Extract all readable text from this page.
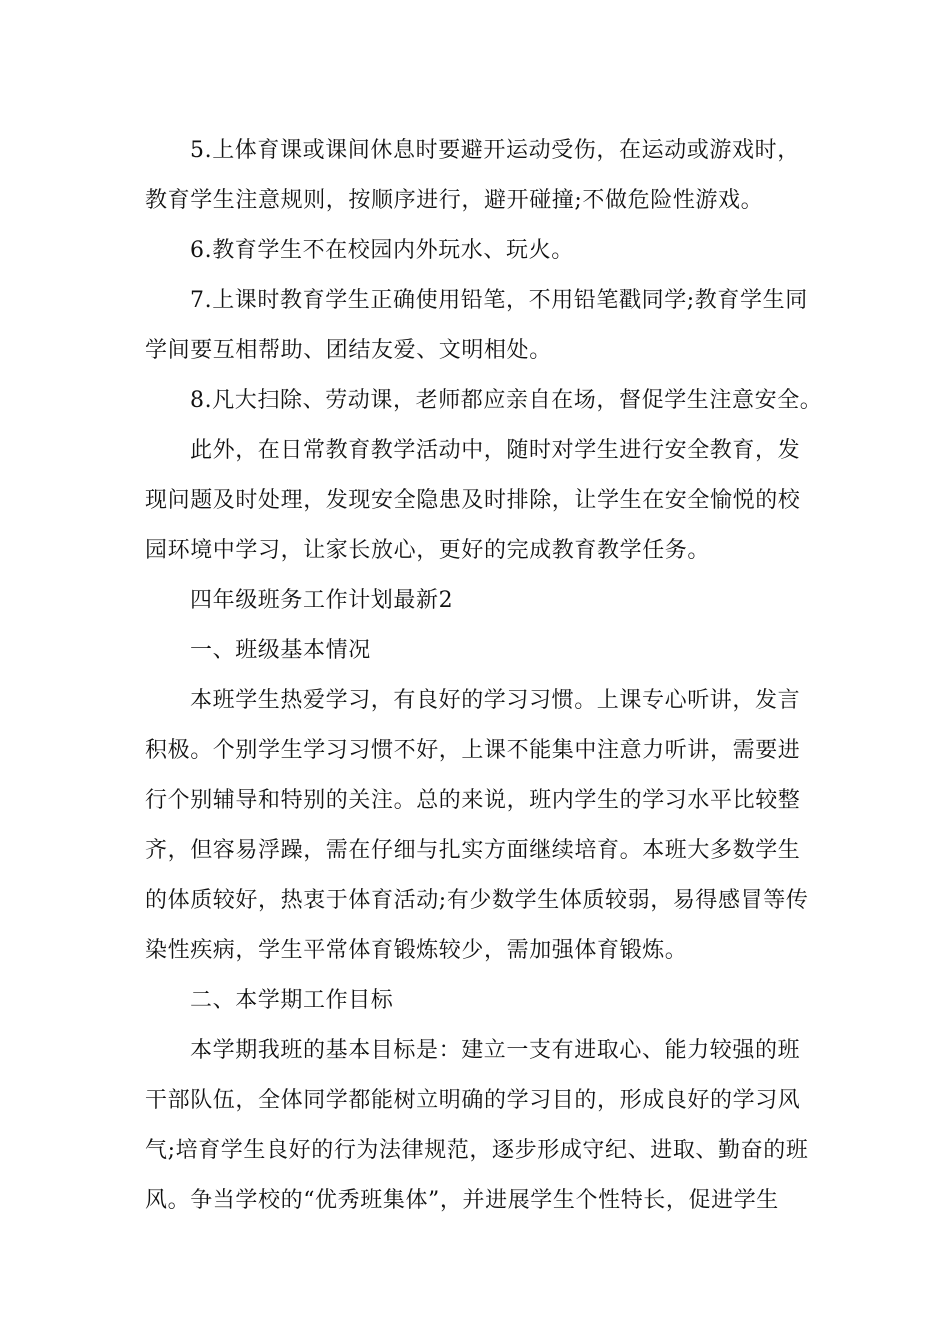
5.上体育课或课间休息时要避开运动受伤，在运动或游戏时，
教育学生注意规则，按顺序进行，避开碰撞;不做危险性游戏。
6.教育学生不在校园内外玩水、玩火。
7.上课时教育学生正确使用铅笔，不用铅笔戳同学;教育学生同
学间要互相帮助、团结友爱、文明相处。
8.凡大扫除、劳动课，老师都应亲自在场，督促学生注意安全。
此外，在日常教育教学活动中，随时对学生进行安全教育，发
现问题及时处理，发现安全隐患及时排除，让学生在安全愉悦的校
园环境中学习，让家长放心，更好的完成教育教学任务。
四年级班务工作计划最新2
一、班级基本情况
本班学生热爱学习，有良好的学习习惯。上课专心听讲，发言
积极。个别学生学习习惯不好，上课不能集中注意力听讲，需要进
行个别辅导和特别的关注。总的来说，班内学生的学习水平比较整
齐，但容易浮躁，需在仔细与扎实方面继续培育。本班大多数学生
的体质较好，热衷于体育活动;有少数学生体质较弱，易得感冒等传
染性疾病，学生平常体育锻炼较少，需加强体育锻炼。
二、本学期工作目标
本学期我班的基本目标是：建立一支有进取心、能力较强的班
干部队伍，全体同学都能树立明确的学习目的，形成良好的学习风
气;培育学生良好的行为法律规范，逐步形成守纪、进取、勤奋的班
风。争当学校的“优秀班集体”，并进展学生个性特长，促进学生
